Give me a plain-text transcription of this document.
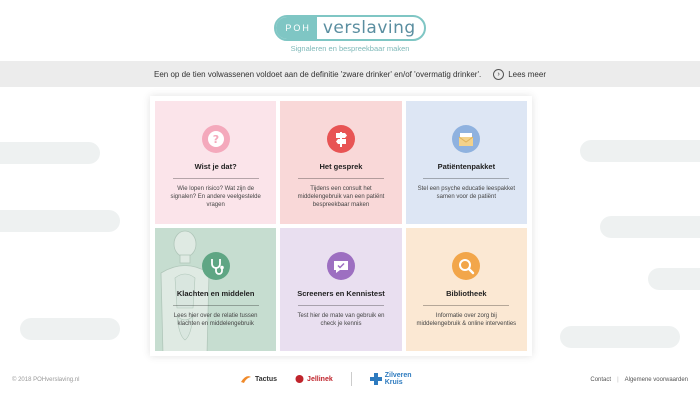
POH verslaving
Signaleren en bespreekbaar maken
Een op de tien volwassenen voldoet aan de definitie 'zware drinker' en/of 'overmatig drinker'.	›	Lees meer
?
Wist je dat?

Wie lopen risico? Wat zijn de signalen? En andere veelgestelde vragen

Het gesprek

Tijdens een consult het middelengebruik van een patiënt bespreekbaar maken

Patiëntenpakket

Stel een psyche educatie leespakket samen voor de patiënt

Klachten en middelen

Lees hier over de relatie tussen klachten en middelengebruik

Screeners en Kennistest

Test hier de mate van gebruik en check je kennis

Bibliotheek

Informatie over zorg bij middelengebruik & online interventies

© 2018 POHverslaving.nl	Tactus	Jellinek	Zilveren
Kruis	Contact | Algemene voorwaarden
